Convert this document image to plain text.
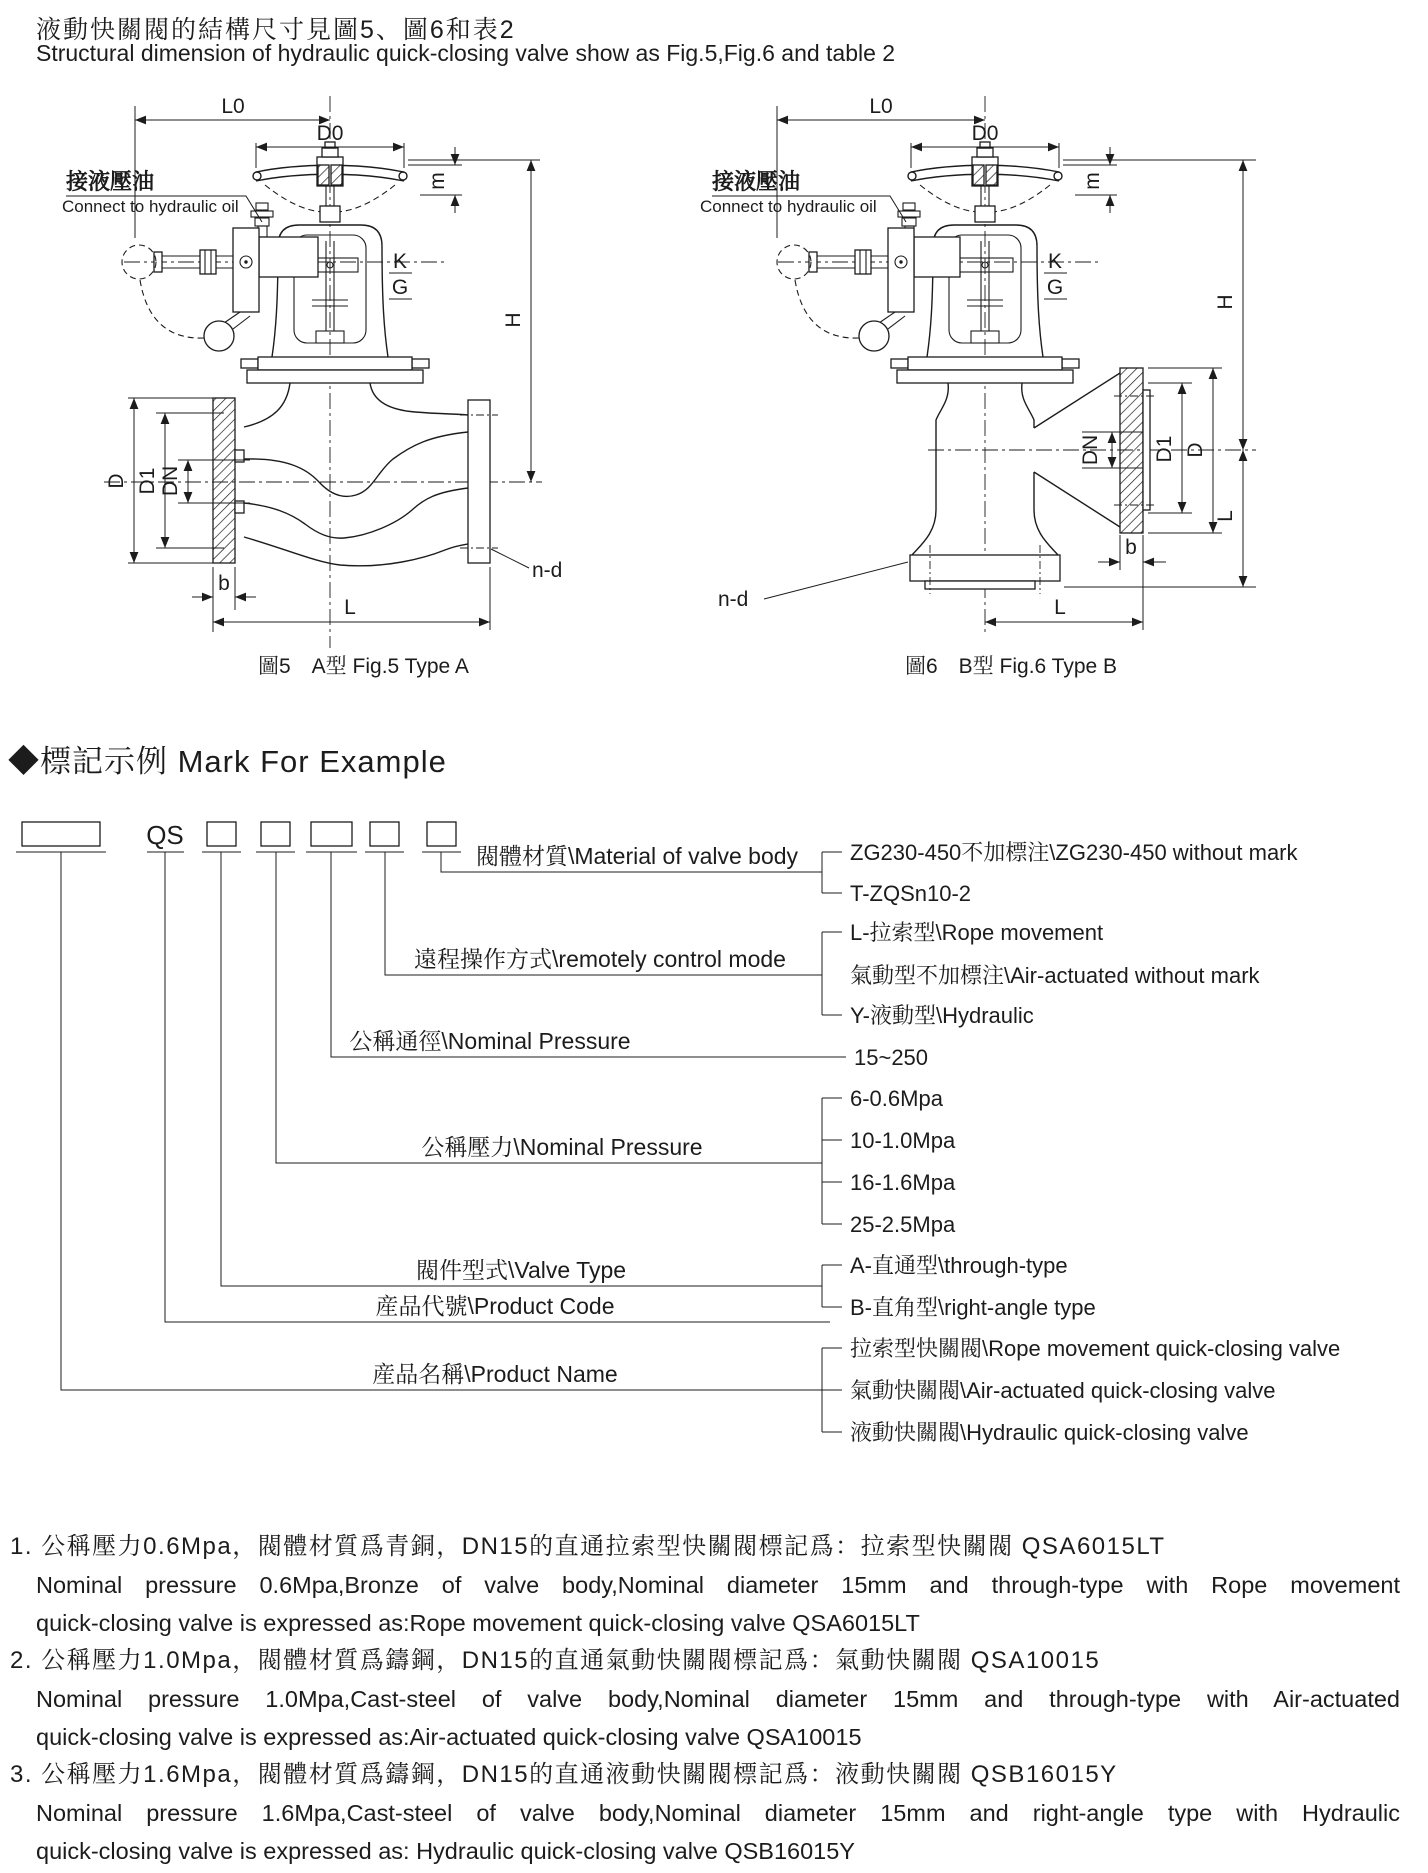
液動快關閥的結構尺寸見圖5、圖6和表2
Structural dimension of hydraulic quick-closing valve show as Fig.5,Fig.6 and table 2
K
G
接液壓油
Connect to hydraulic oil
L0
D0
m
H
D D1 DN
b
L
n-d
圖5　A型 Fig.5 Type A
K
G
接液壓油
Connect to hydraulic oil
L0
D0
m
H
L
DN D1 D
b
L
n-d
圖6　B型 Fig.6 Type B
◆標記示例 Mark For Example
QS
閥體材質\Material of valve body
遠程操作方式\remotely control mode
公稱通徑\Nominal Pressure
公稱壓力\Nominal Pressure
閥件型式\Valve Type
産品代號\Product Code
産品名稱\Product Name
ZG230-450不加標注\ZG230-450 without mark
T-ZQSn10-2
L-拉索型\Rope movement
氣動型不加標注\Air-actuated without mark
Y-液動型\Hydraulic
15~250
6-0.6Mpa
10-1.0Mpa
16-1.6Mpa
25-2.5Mpa
A-直通型\through-type
B-直角型\right-angle type
拉索型快關閥\Rope movement quick-closing valve
氣動快關閥\Air-actuated quick-closing valve
液動快關閥\Hydraulic quick-closing valve
1. 公稱壓力0.6Mpa，閥體材質爲青銅，DN15的直通拉索型快關閥標記爲：拉索型快關閥 QSA6015LT
Nominal pressure 0.6Mpa,Bronze of valve body,Nominal diameter 15mm and through-type with Rope movement
quick-closing valve is expressed as:Rope movement quick-closing valve QSA6015LT
2. 公稱壓力1.0Mpa，閥體材質爲鑄鋼，DN15的直通氣動快關閥標記爲：氣動快關閥 QSA10015
Nominal pressure 1.0Mpa,Cast-steel of valve body,Nominal diameter 15mm and through-type with Air-actuated
quick-closing valve is expressed as:Air-actuated quick-closing valve QSA10015
3. 公稱壓力1.6Mpa，閥體材質爲鑄鋼，DN15的直通液動快關閥標記爲：液動快關閥 QSB16015Y
Nominal pressure 1.6Mpa,Cast-steel of valve body,Nominal diameter 15mm and right-angle type with Hydraulic
quick-closing valve is expressed as: Hydraulic quick-closing valve QSB16015Y
